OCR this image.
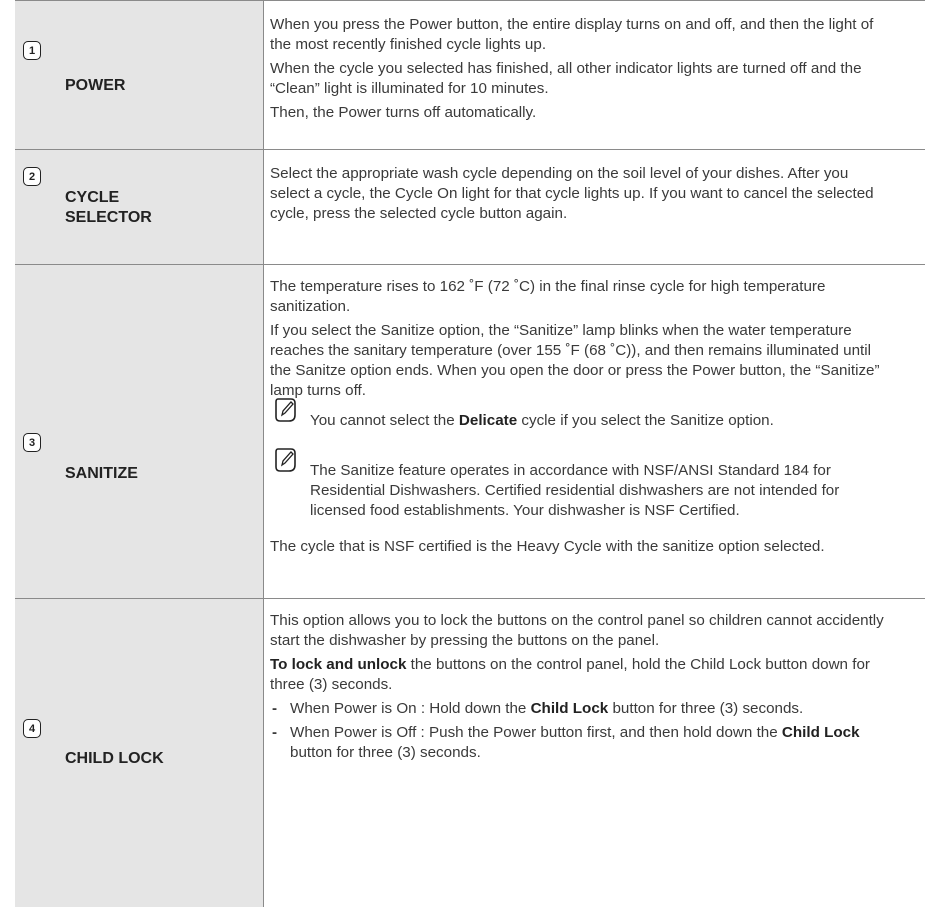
1
POWER

When you press the Power button, the entire display turns on and off, and then the light of the most recently finished cycle lights up.

When the cycle you selected has finished, all other indicator lights are turned off and the “Clean” light is illuminated for 10 minutes.

Then, the Power turns off automatically.

2
CYCLE
SELECTOR

Select the appropriate wash cycle depending on the soil level of your dishes. After you select a cycle, the Cycle On light for that cycle lights up. If you want to cancel the selected cycle, press the selected cycle button again.

3
SANITIZE

The temperature rises to 162 ˚F (72 ˚C) in the final rinse cycle for high temperature sanitization.

If you select the Sanitize option, the “Sanitize” lamp blinks when the water temperature reaches the sanitary temperature (over 155 ˚F (68 ˚C)), and then remains illuminated until the Sanitze option ends. When you open the door or press the Power button, the “Sanitize” lamp turns off.

You cannot select the Delicate cycle if you select the Sanitize option.
The Sanitize feature operates in accordance with NSF/ANSI Standard 184 for Residential Dishwashers. Certified residential dishwashers are not intended for licensed food establishments. Your dishwasher is NSF Certified.

The cycle that is NSF certified is the Heavy Cycle with the sanitize option selected.

4
CHILD LOCK

This option allows you to lock the buttons on the control panel so children cannot accidently start the dishwasher by pressing the buttons on the panel.

To lock and unlock the buttons on the control panel, hold the Child Lock button down for three (3) seconds.

- When Power is On : Hold down the Child Lock button for three (3) seconds.
- When Power is Off : Push the Power button first, and then hold down the Child Lock button for three (3) seconds.
